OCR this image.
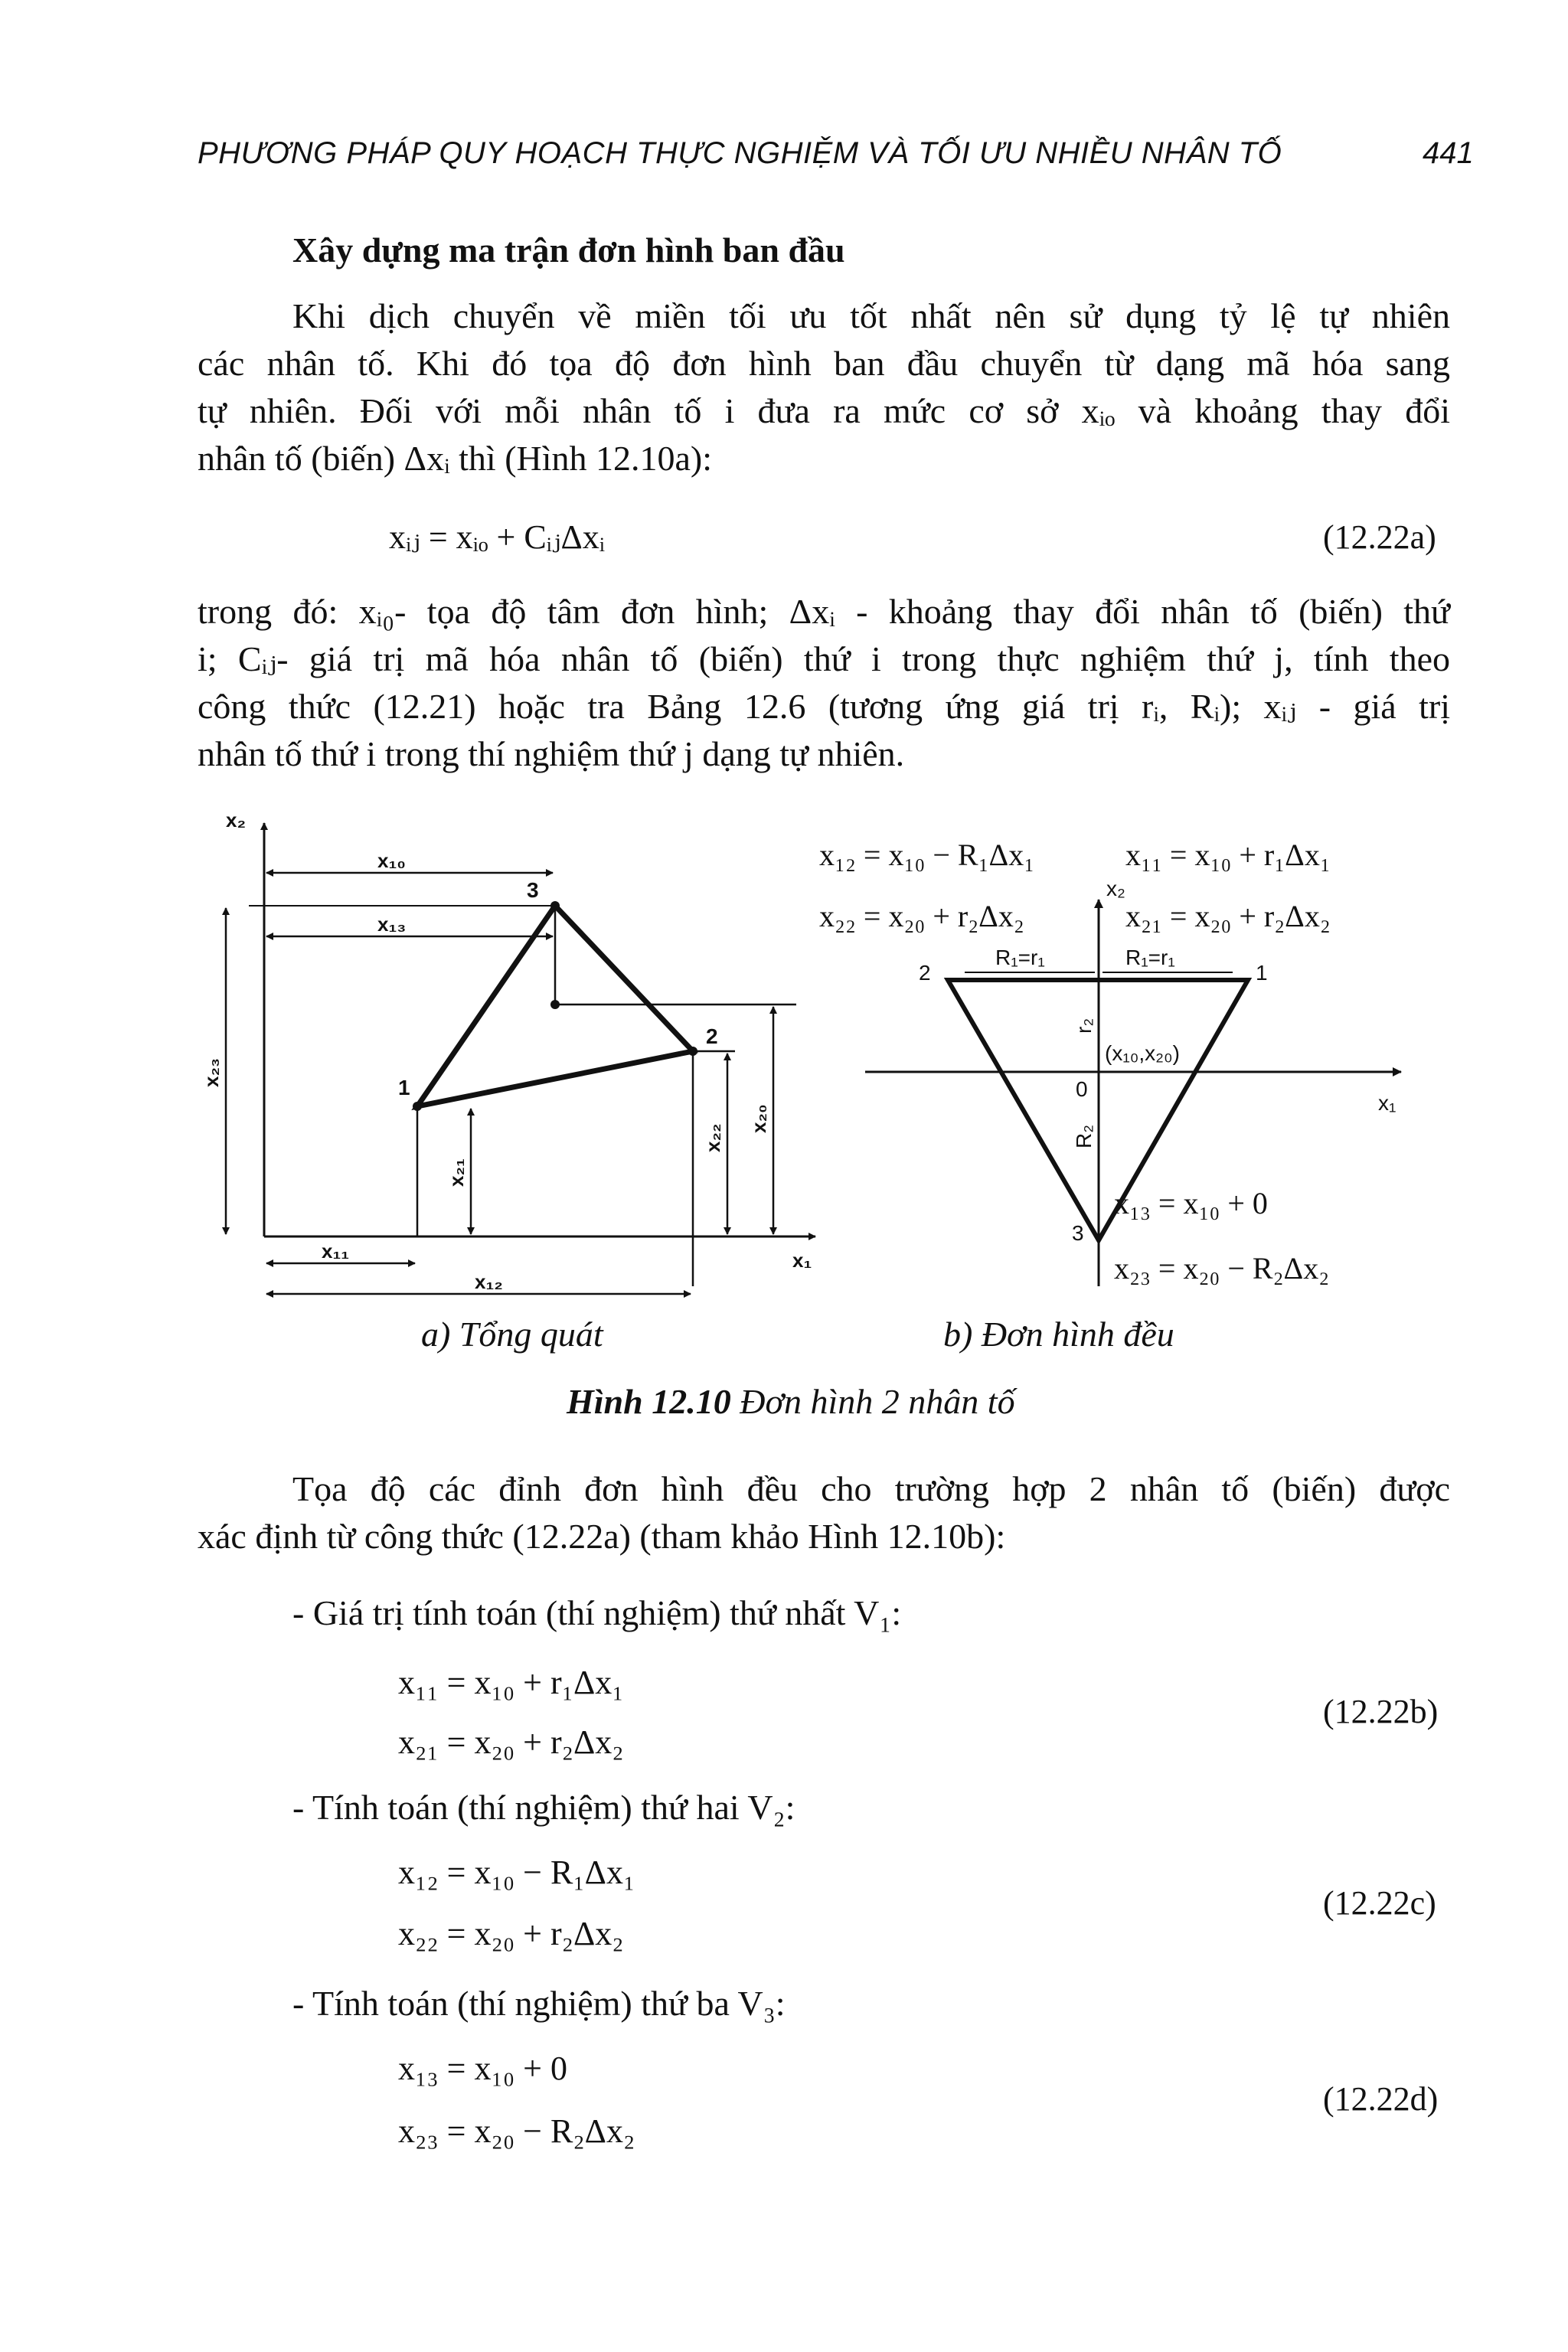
PHƯƠNG PHÁP QUY HOẠCH THỰC NGHIỆM VÀ TỐI ƯU NHIỀU NHÂN TỐ	441
Xây dựng ma trận đơn hình ban đầu
Khi dịch chuyển về miền tối ưu tốt nhất nên sử dụng tỷ lệ tự nhiên
các nhân tố. Khi đó tọa độ đơn hình ban đầu chuyển từ dạng mã hóa sang
tự nhiên. Đối với mỗi nhân tố i đưa ra mức cơ sở xᵢₒ và khoảng thay đổi
nhân tố (biến) Δxᵢ thì (Hình 12.10a):
xᵢⱼ = xᵢₒ + CᵢⱼΔxᵢ	(12.22a)
trong đó: xᵢ₀- tọa độ tâm đơn hình; Δxᵢ - khoảng thay đổi nhân tố (biến) thứ
i; Cᵢⱼ- giá trị mã hóa nhân tố (biến) thứ i trong thực nghiệm thứ j, tính theo
công thức (12.21) hoặc tra Bảng 12.6 (tương ứng giá trị rᵢ, Rᵢ); xᵢⱼ - giá trị
nhân tố thứ i trong thí nghiệm thứ j dạng tự nhiên.
x₂
x₁
x₁₀
x₁₃
x₁₁
x₁₂
x₂₃
x₂₁
x₂₂
x₂₀
1
2
3
x₁₂ = x₁₀ − R₁Δx₁	x₁₁ = x₁₀ + r₁Δx₁
x₂₂ = x₂₀ + r₂Δx₂	x₂₁ = x₂₀ + r₂Δx₂
x₁₃ = x₁₀ + 0
x₂₃ = x₂₀ − R₂Δx₂
x₂
x₁
R₁=r₁	R₁=r₁
r₂
R₂
(x₁₀,x₂₀)
0
2	1
3
a) Tổng quát	b) Đơn hình đều
Hình 12.10 Đơn hình 2 nhân tố
Tọa độ các đỉnh đơn hình đều cho trường hợp 2 nhân tố (biến) được
xác định từ công thức (12.22a) (tham khảo Hình 12.10b):
- Giá trị tính toán (thí nghiệm) thứ nhất V₁:
x₁₁ = x₁₀ + r₁Δx₁
x₂₁ = x₂₀ + r₂Δx₂
(12.22b)
- Tính toán (thí nghiệm) thứ hai V₂:
x₁₂ = x₁₀ − R₁Δx₁
x₂₂ = x₂₀ + r₂Δx₂
(12.22c)
- Tính toán (thí nghiệm) thứ ba V₃:
x₁₃ = x₁₀ + 0
x₂₃ = x₂₀ − R₂Δx₂
(12.22d)
